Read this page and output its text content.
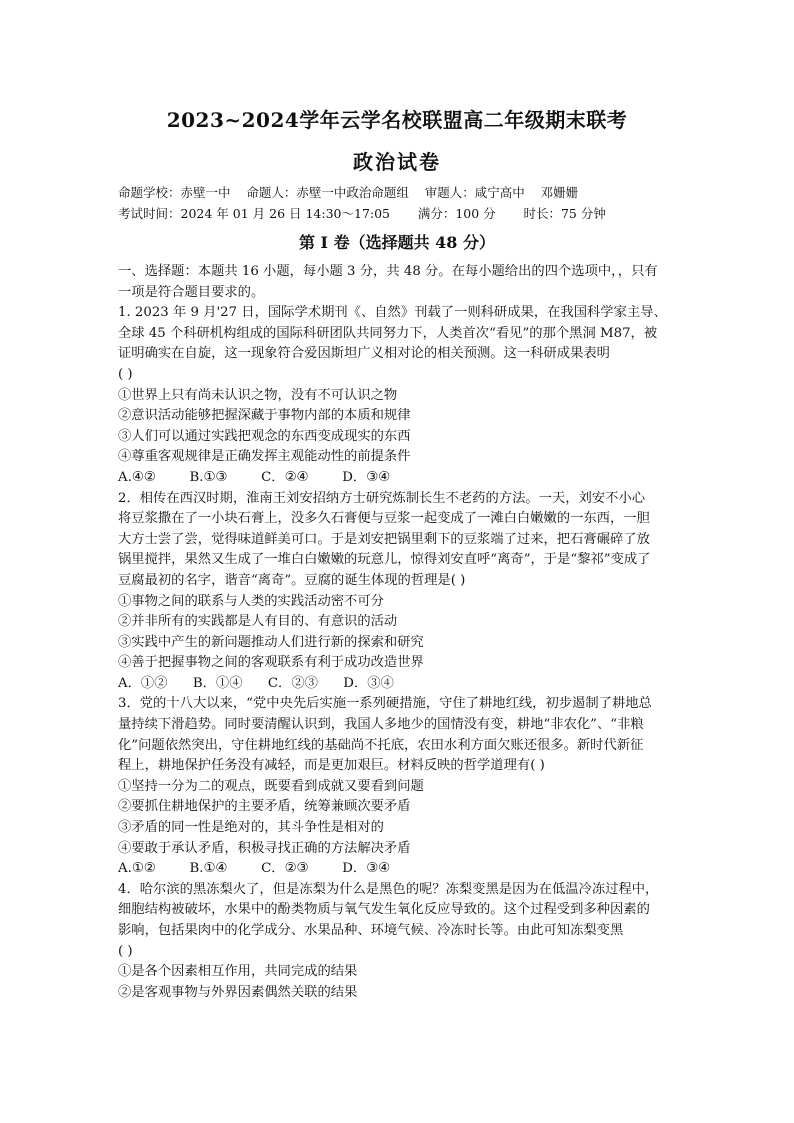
2023~2024学年云学名校联盟高二年级期末联考
政治试卷
命题学校：赤壁一中    命题人：赤壁一中政治命题组    审题人：咸宁高中    邓姗姗
考试时间：2024 年 01 月 26 日 14:30～17:05       满分：100 分       时长：75 分钟
第 I 卷（选择题共 48 分）

一、选择题：本题共 16 小题，每小题 3 分，共 48 分。在每小题给出的四个选项中，，只有

一项是符合题目要求的。

1. 2023 年 9 月'27 日，国际学术期刊《、自然》刊载了一则科研成果，在我国科学家主导、

全球 45 个科研机构组成的国际科研团队共同努力下，人类首次“看见”的那个黑洞 M87，被

证明确实在自旋，这一现象符合爱因斯坦广义相对论的相关预测。这一科研成果表明

( )

①世界上只有尚未认识之物，没有不可认识之物

②意识活动能够把握深藏于事物内部的本质和规律

③人们可以通过实践把观念的东西变成现实的东西

④尊重客观规律是正确发挥主观能动性的前提条件

A.④②        B.①③        C．②④        D．③④

2．相传在西汉时期，淮南王刘安招纳方士研究炼制长生不老药的方法。一天，刘安不小心

将豆浆撒在了一小块石膏上，没多久石膏便与豆浆一起变成了一滩白白嫩嫩的一东西，一胆

大方士尝了尝，觉得味道鲜美可口。于是刘安把锅里剩下的豆浆端了过来，把石膏碾碎了放

锅里搅拌，果然又生成了一堆白白嫩嫩的玩意儿，惊得刘安直呼“离奇”，于是“黎祁”变成了

豆腐最初的名字，谐音“离奇”。豆腐的诞生体现的哲理是( )

①事物之间的联系与人类的实践活动密不可分

②并非所有的实践都是人有目的、有意识的活动

③实践中产生的新问题推动人们进行新的探索和研究

④善于把握事物之间的客观联系有利于成功改造世界

A．①②      B．①④      C．②③      D．③④

3．党的十八大以来，“党中央先后实施一系列硬措施，守住了耕地红线，初步遏制了耕地总

量持续下滑趋势。同时要清醒认识到，我国人多地少的国情没有变，耕地“非农化”、“非粮

化”问题依然突出，守住耕地红线的基础尚不托底，农田水利方面欠账还很多。新时代新征

程上，耕地保护任务没有减轻，而是更加艰巨。材料反映的哲学道理有( )

①坚持一分为二的观点，既要看到成就又要看到问题

②要抓住耕地保护的主要矛盾，统筹兼顾次要矛盾

③矛盾的同一性是绝对的，其斗争性是相对的

④要敢于承认矛盾，积极寻找正确的方法解决矛盾

A.①②        B.①④        C．②③        D．③④

4．哈尔滨的黑冻梨火了，但是冻梨为什么是黑色的呢？冻梨变黑是因为在低温冷冻过程中，

细胞结构被破坏，水果中的酚类物质与氧气发生氧化反应导致的。这个过程受到多种因素的

影响，包括果肉中的化学成分、水果品种、环境气候、冷冻时长等。由此可知冻梨变黑

( )

①是各个因素相互作用，共同完成的结果

②是客观事物与外界因素偶然关联的结果
